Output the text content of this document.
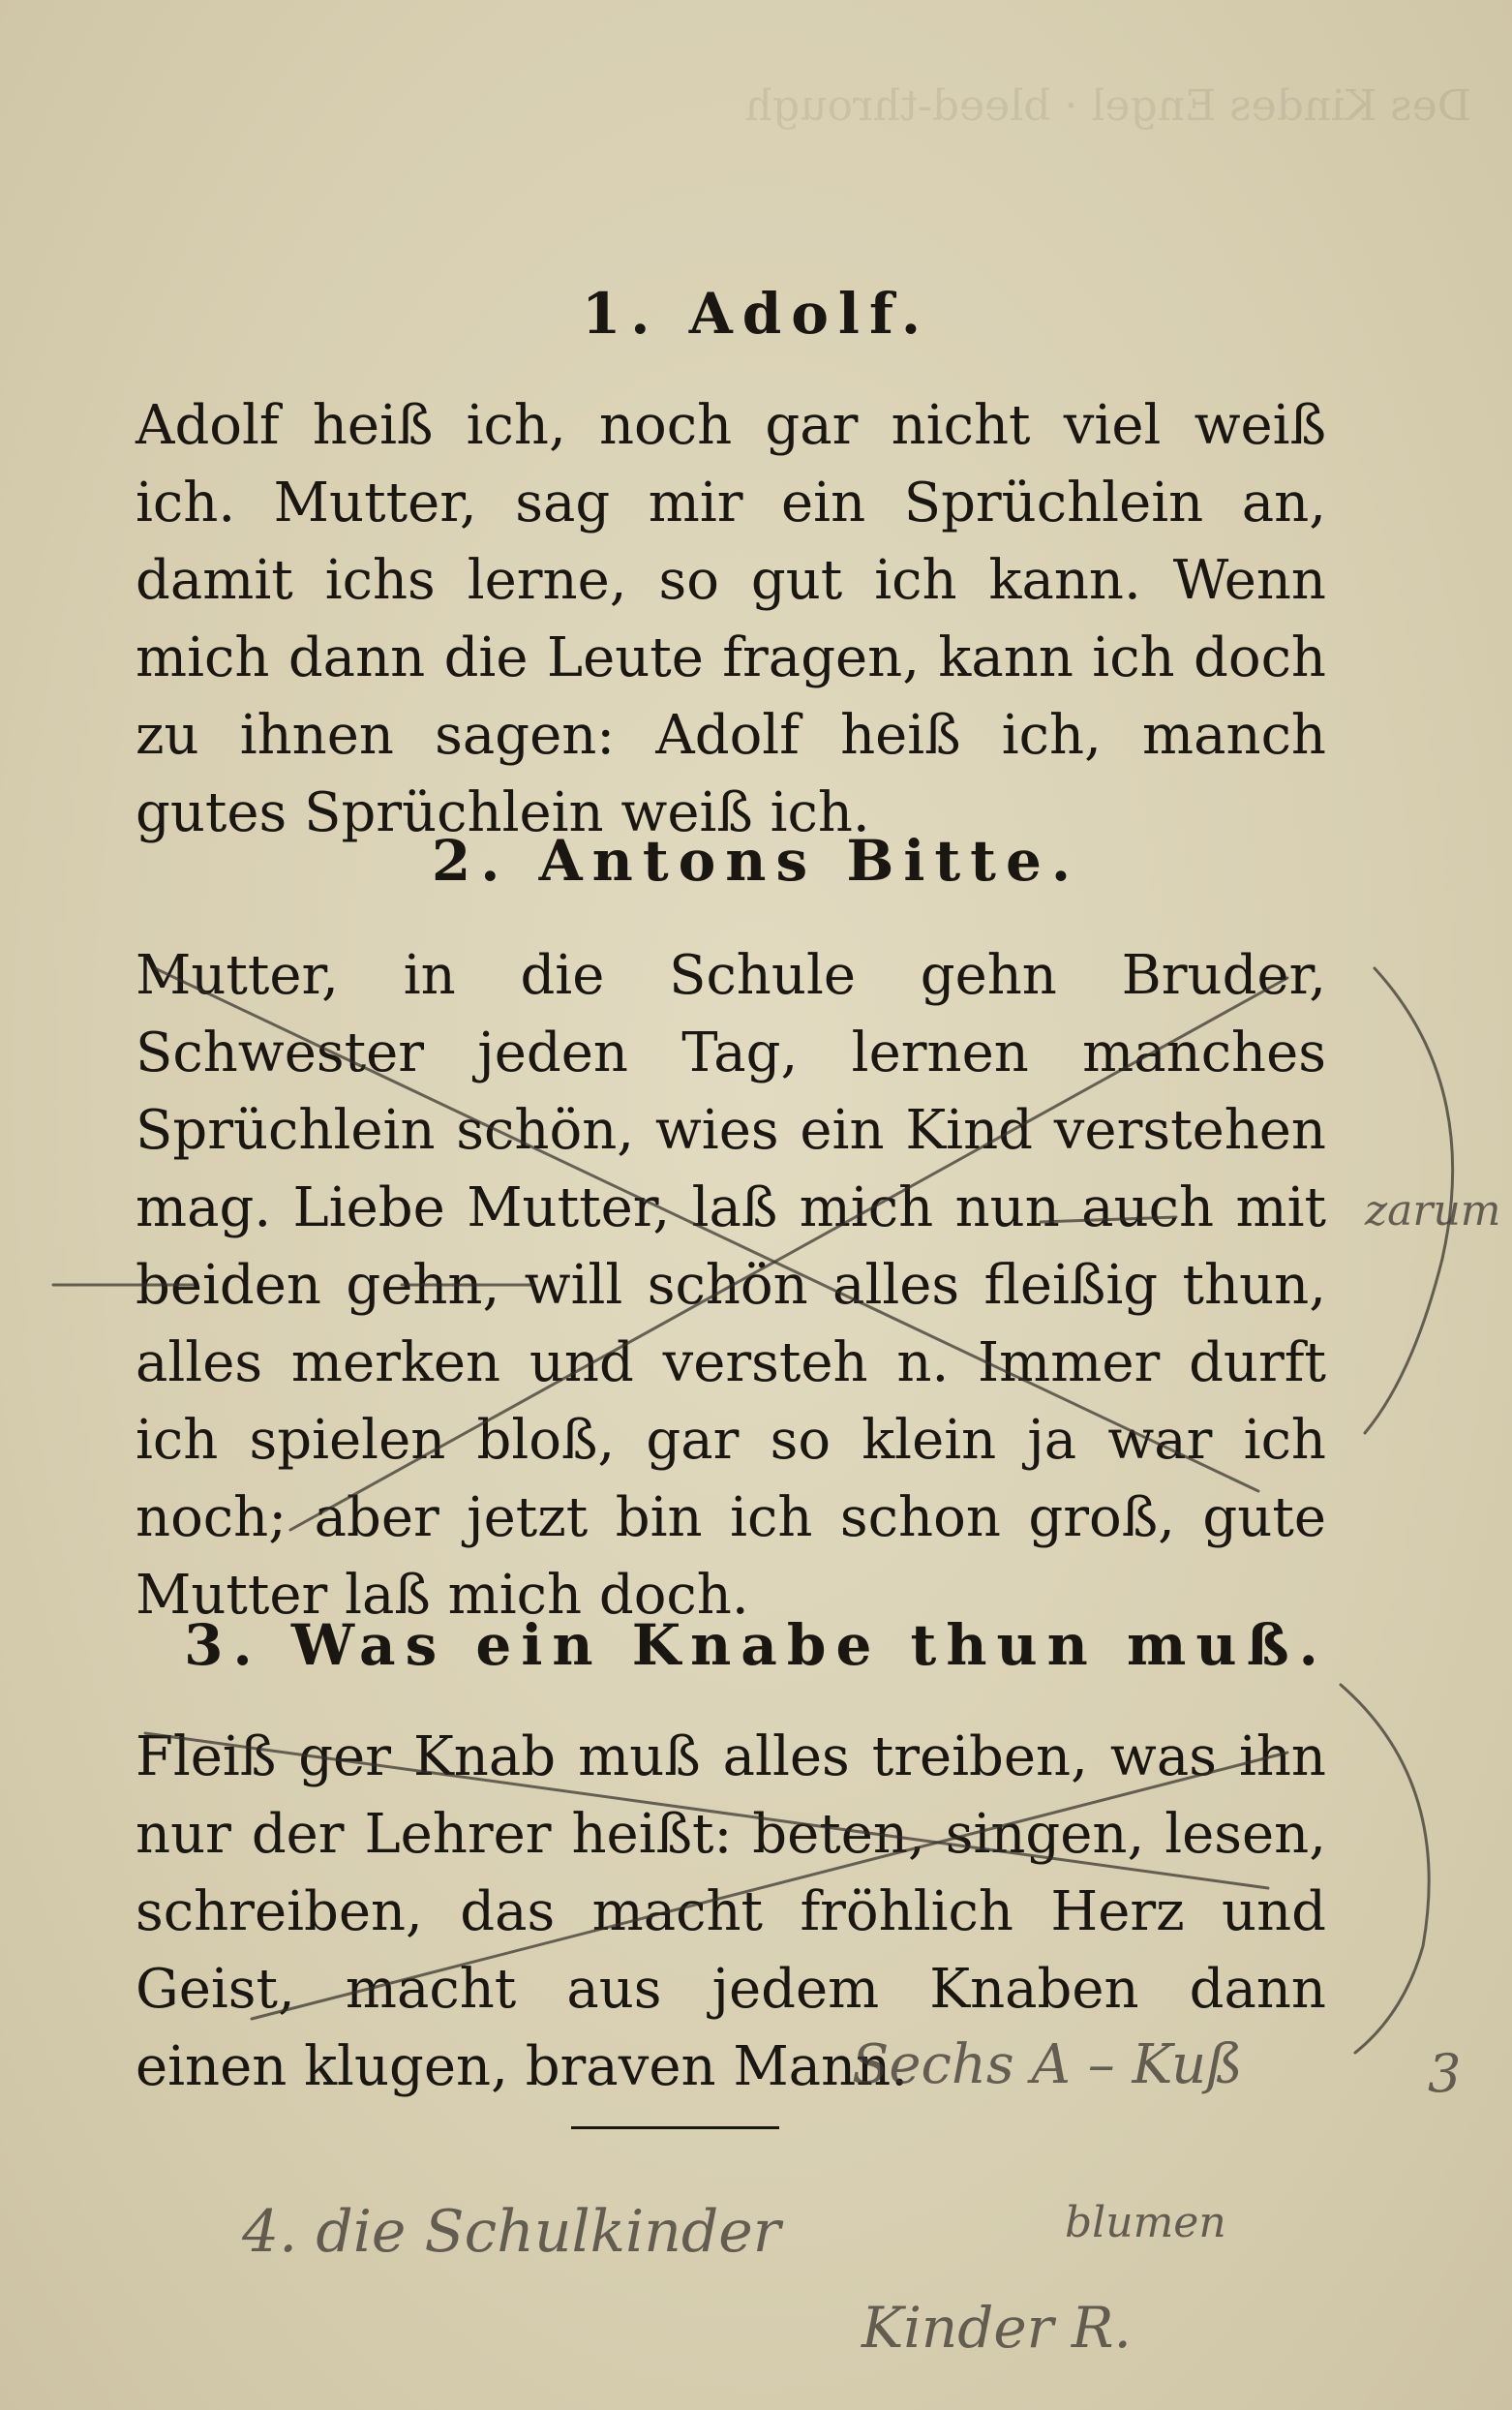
Des Kindes Engel · bleed-through
1. Adolf.

Adolf heiß ich, noch gar nicht viel weiß ich. Mutter, sag mir ein Sprüchlein an, damit ichs lerne, so gut ich kann. Wenn mich dann die Leute fragen, kann ich doch zu ihnen sagen: Adolf heiß ich, manch gutes Sprüchlein weiß ich.

2. Antons Bitte.

Mutter, in die Schule gehn Bruder, Schwester jeden Tag, lernen manches Sprüchlein schön, wies ein Kind verstehen mag. Liebe Mutter, laß mich nun auch mit beiden gehn, will schön alles fleißig thun, alles merken und versteh n. Immer durft ich spielen bloß, gar so klein ja war ich noch; aber jetzt bin ich schon groß, gute Mutter laß mich doch.

3. Was ein Knabe thun muß.

Fleiß ger Knab muß alles treiben, was ihn nur der Lehrer heißt: beten, singen, lesen, schreiben, das macht fröhlich Herz und Geist, macht aus jedem Knaben dann einen klugen, braven Mann.

4. die Schulkinder
Sechs A – Kuß
blumen
Kinder R.
zarum
3
